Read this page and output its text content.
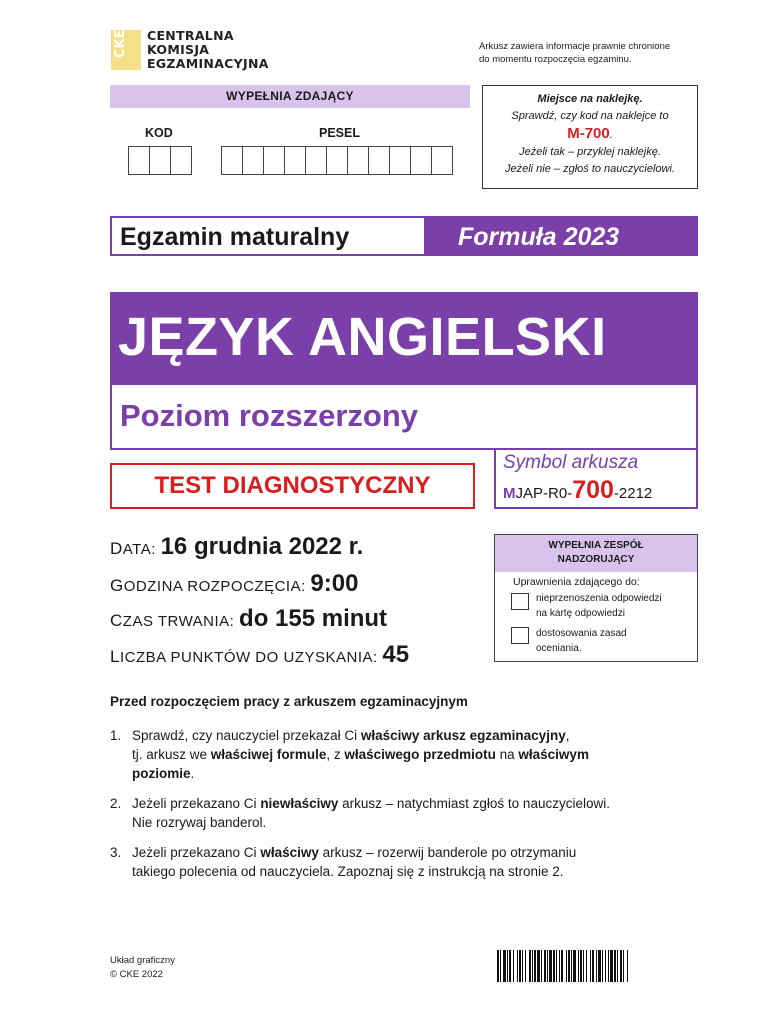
CKE CENTRALNA
KOMISJA
EGZAMINACYJNA
Arkusz zawiera informacje prawnie chronione
do momentu rozpoczęcia egzaminu.
WYPEŁNIA ZDAJĄCY
KOD	PESEL
Miejsce na naklejkę.
Sprawdź, czy kod na naklejce to
M-700.
Jeżeli tak – przyklej naklejkę.
Jeżeli nie – zgłoś to nauczycielowi.
Egzamin maturalny	Formuła 2023
JĘZYK ANGIELSKI
Poziom rozszerzony
TEST DIAGNOSTYCZNY
Symbol arkusza
MJAP-R0-700-2212
DATA: 16 grudnia 2022 r.
GODZINA ROZPOCZĘCIA: 9:00
CZAS TRWANIA: do 155 minut
LICZBA PUNKTÓW DO UZYSKANIA: 45
WYPEŁNIA ZESPÓŁ
NADZORUJĄCY
Uprawnienia zdającego do:
nieprzenoszenia odpowiedzi
na kartę odpowiedzi
dostosowania zasad
oceniania.
Przed rozpoczęciem pracy z arkuszem egzaminacyjnym
1. Sprawdź, czy nauczyciel przekazał Ci właściwy arkusz egzaminacyjny,
tj. arkusz we właściwej formule, z właściwego przedmiotu na właściwym
poziomie.
2. Jeżeli przekazano Ci niewłaściwy arkusz – natychmiast zgłoś to nauczycielowi.
Nie rozrywaj banderol.
3. Jeżeli przekazano Ci właściwy arkusz – rozerwij banderole po otrzymaniu
takiego polecenia od nauczyciela. Zapoznaj się z instrukcją na stronie 2.
Układ graficzny
© CKE 2022
